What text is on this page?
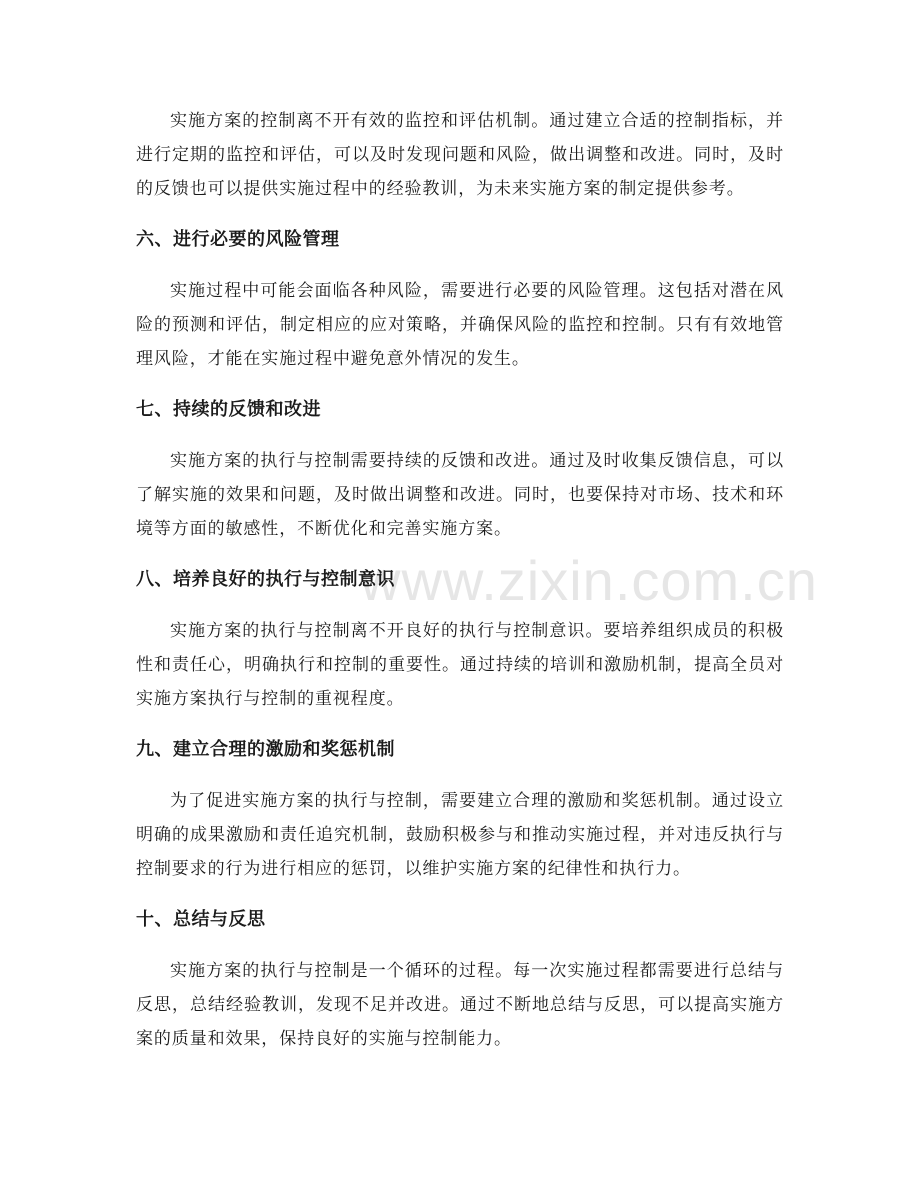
www.zixin.com.cn

实施方案的控制离不开有效的监控和评估机制。通过建立合适的控制指标，并进行定期的监控和评估，可以及时发现问题和风险，做出调整和改进。同时，及时的反馈也可以提供实施过程中的经验教训，为未来实施方案的制定提供参考。

六、进行必要的风险管理

实施过程中可能会面临各种风险，需要进行必要的风险管理。这包括对潜在风险的预测和评估，制定相应的应对策略，并确保风险的监控和控制。只有有效地管理风险，才能在实施过程中避免意外情况的发生。

七、持续的反馈和改进

实施方案的执行与控制需要持续的反馈和改进。通过及时收集反馈信息，可以了解实施的效果和问题，及时做出调整和改进。同时，也要保持对市场、技术和环境等方面的敏感性，不断优化和完善实施方案。

八、培养良好的执行与控制意识

实施方案的执行与控制离不开良好的执行与控制意识。要培养组织成员的积极性和责任心，明确执行和控制的重要性。通过持续的培训和激励机制，提高全员对实施方案执行与控制的重视程度。

九、建立合理的激励和奖惩机制

为了促进实施方案的执行与控制，需要建立合理的激励和奖惩机制。通过设立明确的成果激励和责任追究机制，鼓励积极参与和推动实施过程，并对违反执行与控制要求的行为进行相应的惩罚，以维护实施方案的纪律性和执行力。

十、总结与反思

实施方案的执行与控制是一个循环的过程。每一次实施过程都需要进行总结与反思，总结经验教训，发现不足并改进。通过不断地总结与反思，可以提高实施方案的质量和效果，保持良好的实施与控制能力。
